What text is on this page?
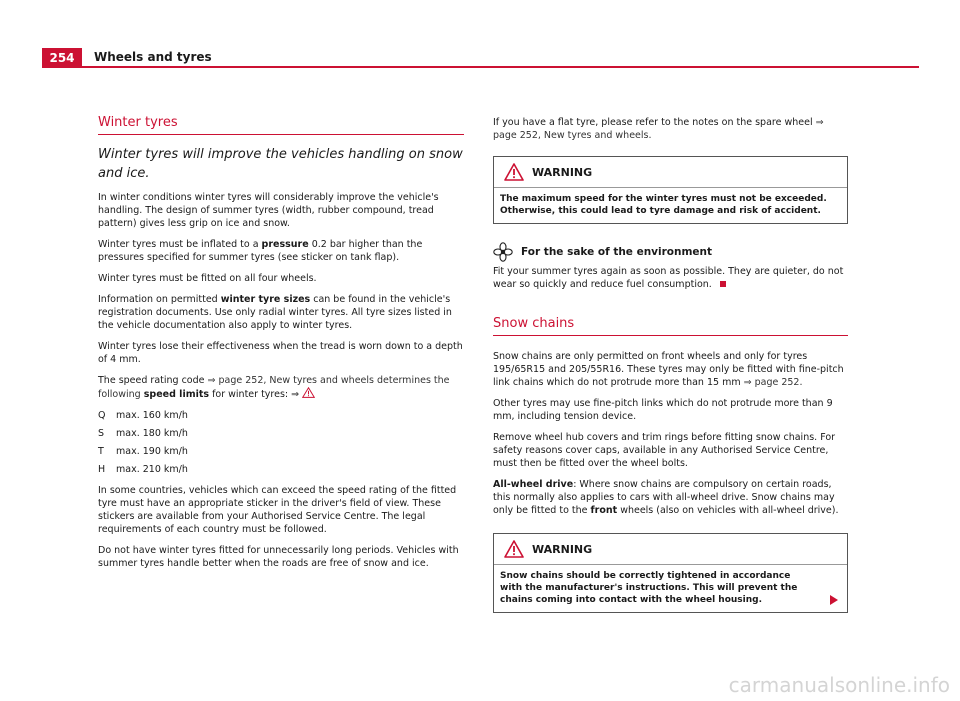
254	Wheels and tyres
Winter tyres

Winter tyres will improve the vehicles handling on snow and ice.

In winter conditions winter tyres will considerably improve the vehicle's handling. The design of summer tyres (width, rubber compound, tread pattern) gives less grip on ice and snow.

Winter tyres must be inflated to a pressure 0.2 bar higher than the pressures specified for summer tyres (see sticker on tank flap).

Winter tyres must be fitted on all four wheels.

Information on permitted winter tyre sizes can be found in the vehicle's registration documents. Use only radial winter tyres. All tyre sizes listed in the vehicle documentation also apply to winter tyres.

Winter tyres lose their effectiveness when the tread is worn down to a depth of 4 mm.

The speed rating code ⇒ page 252, New tyres and wheels determines the following speed limits for winter tyres: ⇒

Q	max. 160 km/h
S	max. 180 km/h
T	max. 190 km/h
H	max. 210 km/h

In some countries, vehicles which can exceed the speed rating of the fitted tyre must have an appropriate sticker in the driver's field of view. These stickers are available from your Authorised Service Centre. The legal requirements of each country must be followed.

Do not have winter tyres fitted for unnecessarily long periods. Vehicles with summer tyres handle better when the roads are free of snow and ice.

If you have a flat tyre, please refer to the notes on the spare wheel ⇒ page 252, New tyres and wheels.

WARNING
The maximum speed for the winter tyres must not be exceeded. Otherwise, this could lead to tyre damage and risk of accident.
For the sake of the environment

Fit your summer tyres again as soon as possible. They are quieter, do not wear so quickly and reduce fuel consumption.

Snow chains

Snow chains are only permitted on front wheels and only for tyres 195/65R15 and 205/55R16. These tyres may only be fitted with fine-pitch link chains which do not protrude more than 15 mm ⇒ page 252.

Other tyres may use fine-pitch links which do not protrude more than 9 mm, including tension device.

Remove wheel hub covers and trim rings before fitting snow chains. For safety reasons cover caps, available in any Authorised Service Centre, must then be fitted over the wheel bolts.

All-wheel drive: Where snow chains are compulsory on certain roads, this normally also applies to cars with all-wheel drive. Snow chains may only be fitted to the front wheels (also on vehicles with all-wheel drive).

WARNING
Snow chains should be correctly tightened in accordance with the manufacturer's instructions. This will prevent the chains coming into contact with the wheel housing.
carmanualsonline.info
